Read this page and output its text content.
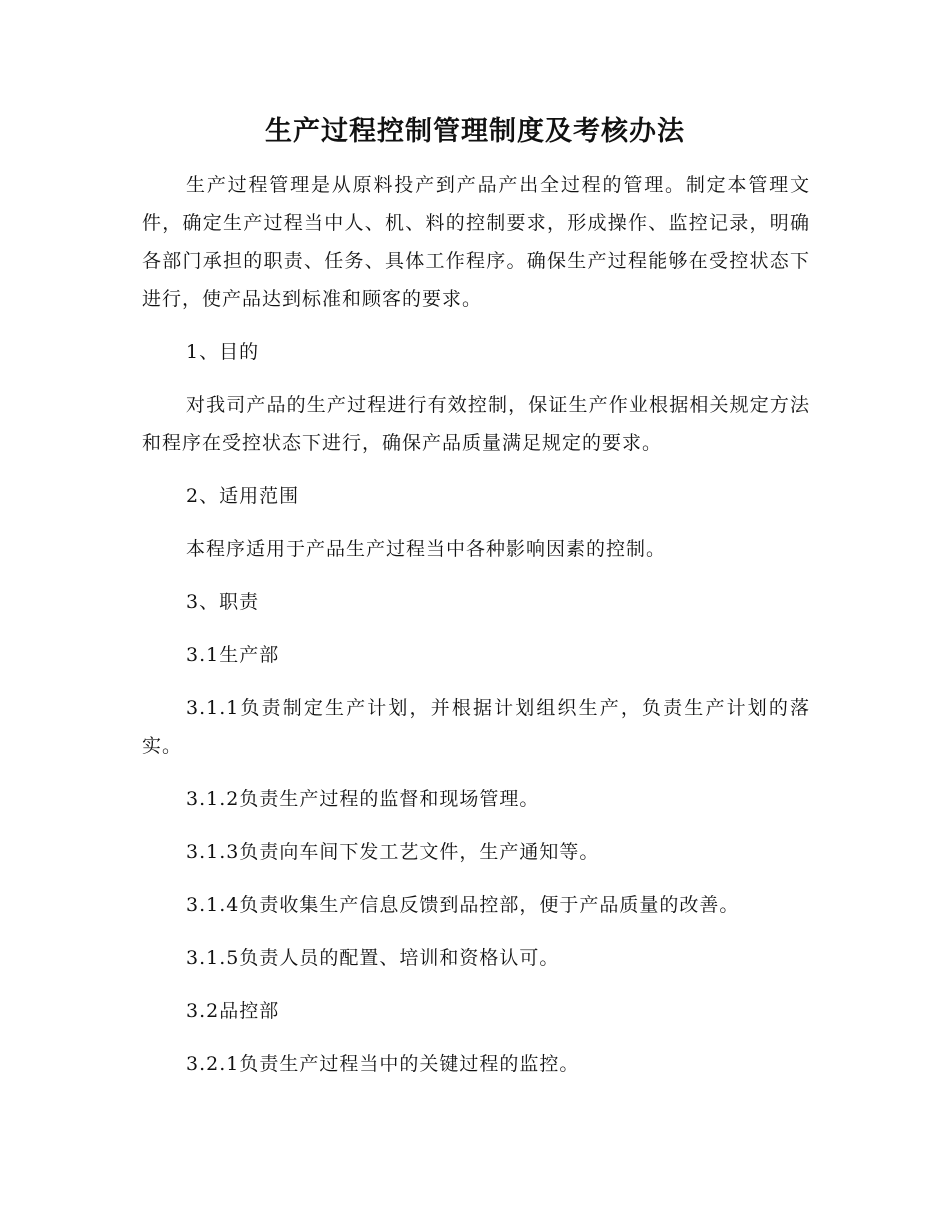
生产过程控制管理制度及考核办法

生产过程管理是从原料投产到产品产出全过程的管理。制定本管理文件，确定生产过程当中人、机、料的控制要求，形成操作、监控记录，明确各部门承担的职责、任务、具体工作程序。确保生产过程能够在受控状态下进行，使产品达到标准和顾客的要求。

1、目的

对我司产品的生产过程进行有效控制，保证生产作业根据相关规定方法和程序在受控状态下进行，确保产品质量满足规定的要求。

2、适用范围

本程序适用于产品生产过程当中各种影响因素的控制。

3、职责

3.1生产部

3.1.1负责制定生产计划，并根据计划组织生产，负责生产计划的落实。

3.1.2负责生产过程的监督和现场管理。

3.1.3负责向车间下发工艺文件，生产通知等。

3.1.4负责收集生产信息反馈到品控部，便于产品质量的改善。

3.1.5负责人员的配置、培训和资格认可。

3.2品控部

3.2.1负责生产过程当中的关键过程的监控。
